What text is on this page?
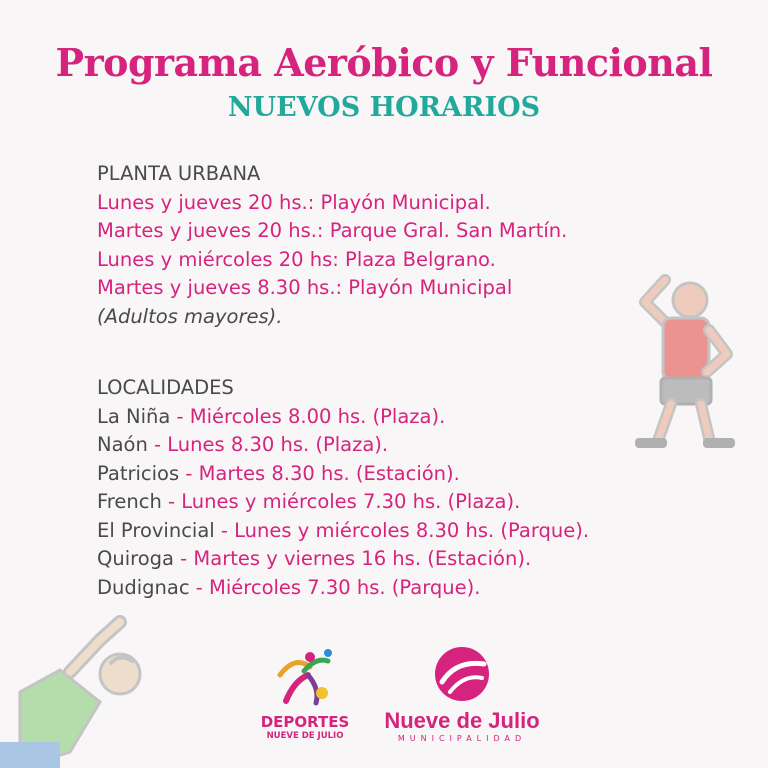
Programa Aeróbico y Funcional
NUEVOS HORARIOS
PLANTA URBANA
Lunes y jueves 20 hs.: Playón Municipal.
Martes y jueves 20 hs.: Parque Gral. San Martín.
Lunes y miércoles 20 hs: Plaza Belgrano.
Martes y jueves 8.30 hs.: Playón Municipal
(Adultos mayores).
LOCALIDADES
La Niña - Miércoles 8.00 hs. (Plaza).
Naón - Lunes 8.30 hs. (Plaza).
Patricios - Martes 8.30 hs. (Estación).
French - Lunes y miércoles 7.30 hs. (Plaza).
El Provincial - Lunes y miércoles 8.30 hs. (Parque).
Quiroga - Martes y viernes 16 hs. (Estación).
Dudignac - Miércoles 7.30 hs. (Parque).
DEPORTES
NUEVE DE JULIO
Nueve de Julio
MUNICIPALIDAD
